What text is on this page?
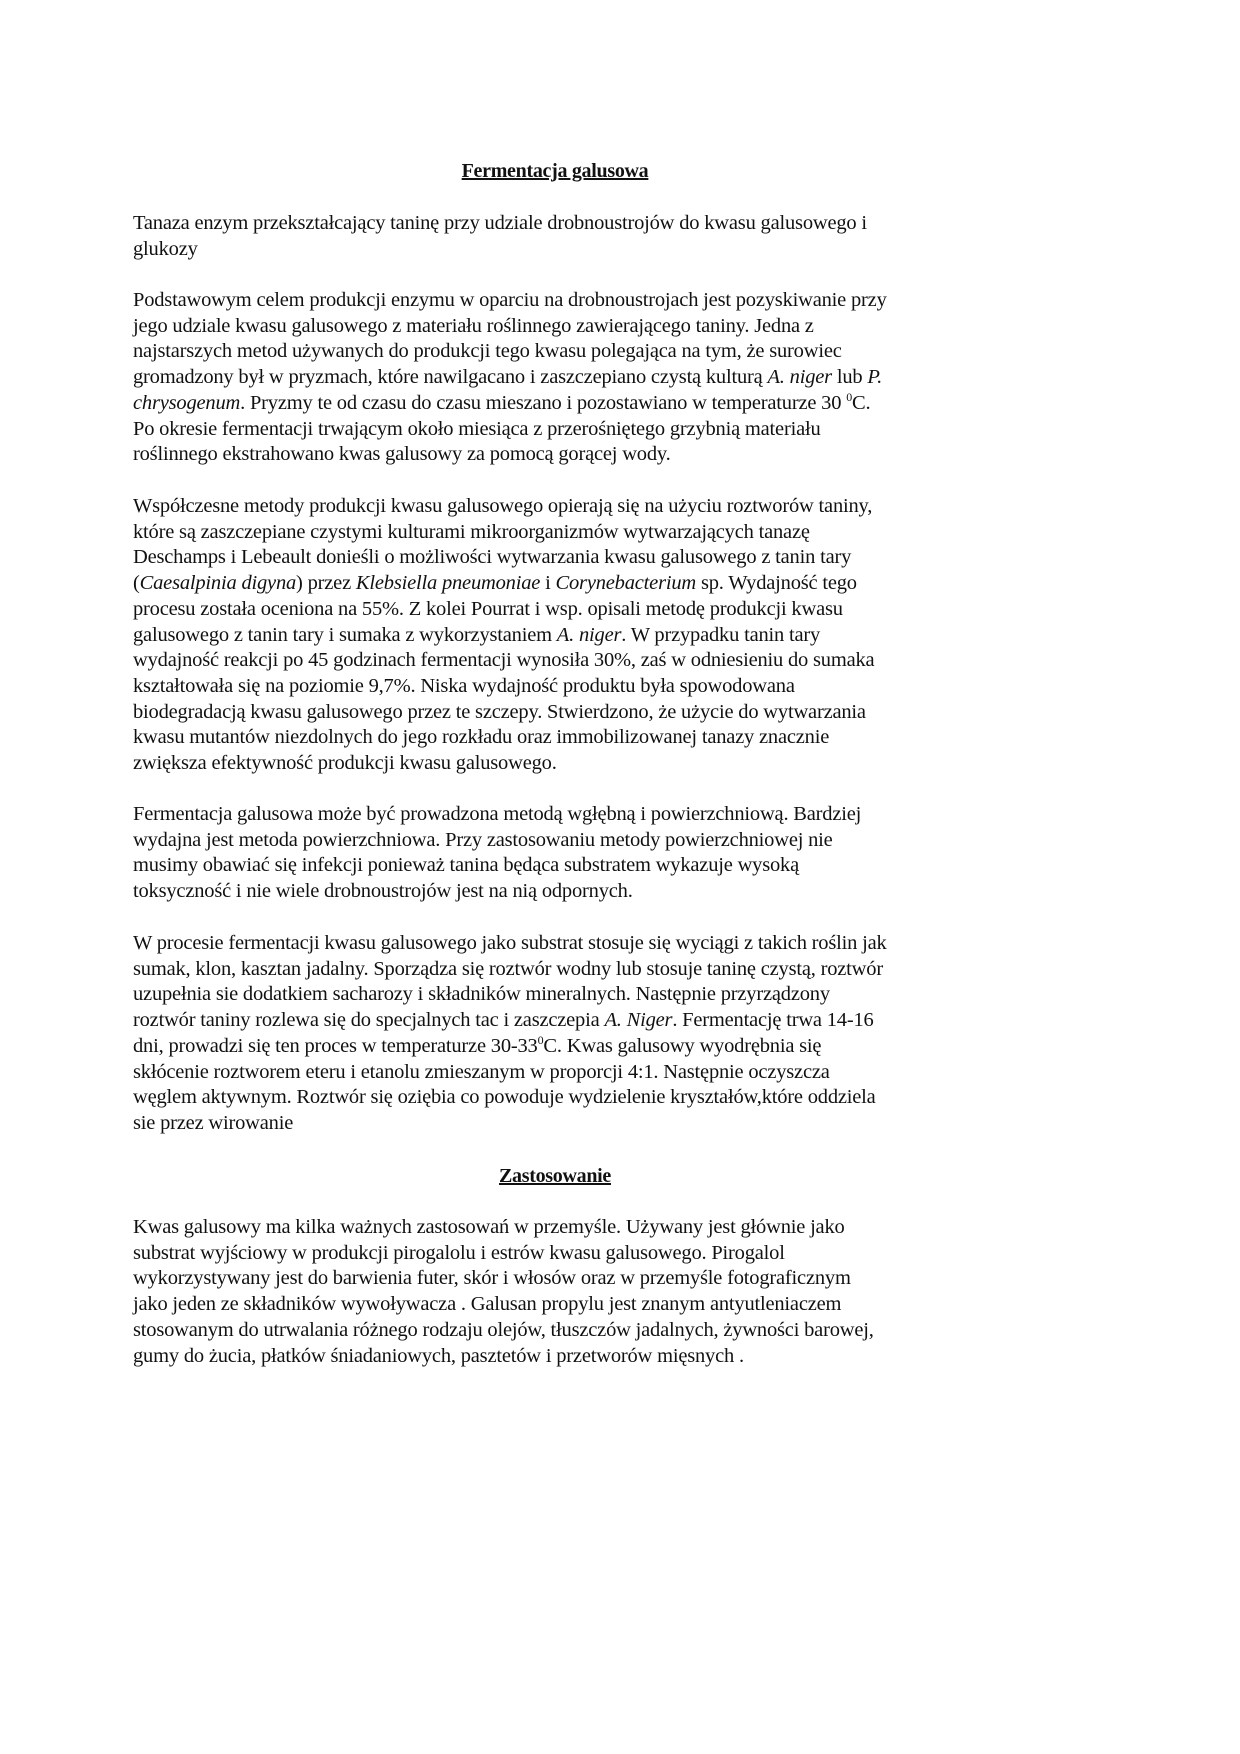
Fermentacja galusowa
Tanaza enzym przekształcający taninę przy udziale drobnoustrojów do kwasu galusowego i
glukozy
Podstawowym celem produkcji enzymu w oparciu na drobnoustrojach jest pozyskiwanie przy
jego udziale kwasu galusowego z materiału roślinnego zawierającego taniny. Jedna z
najstarszych metod używanych do produkcji tego kwasu polegająca na tym, że surowiec
gromadzony był w pryzmach, które nawilgacano i zaszczepiano czystą kulturą A. niger lub P.
chrysogenum. Pryzmy te od czasu do czasu mieszano i pozostawiano w temperaturze 30 $^0$C.
Po okresie fermentacji trwającym około miesiąca z przerośniętego grzybnią materiału
roślinnego ekstrahowano kwas galusowy za pomocą gorącej wody.
Współczesne metody produkcji kwasu galusowego opierają się na użyciu roztworów taniny,
które są zaszczepiane czystymi kulturami mikroorganizmów wytwarzających tanazę
Deschamps i Lebeault donieśli o możliwości wytwarzania kwasu galusowego z tanin tary
(Caesalpinia digyna) przez Klebsiella pneumoniae i Corynebacterium sp. Wydajność tego
procesu została oceniona na 55%. Z kolei Pourrat i wsp. opisali metodę produkcji kwasu
galusowego z tanin tary i sumaka z wykorzystaniem A. niger. W przypadku tanin tary
wydajność reakcji po 45 godzinach fermentacji wynosiła 30%, zaś w odniesieniu do sumaka
kształtowała się na poziomie 9,7%. Niska wydajność produktu była spowodowana
biodegradacją kwasu galusowego przez te szczepy. Stwierdzono, że użycie do wytwarzania
kwasu mutantów niezdolnych do jego rozkładu oraz immobilizowanej tanazy znacznie
zwiększa efektywność produkcji kwasu galusowego.
Fermentacja galusowa może być prowadzona metodą wgłębną i powierzchniową. Bardziej
wydajna jest metoda powierzchniowa. Przy zastosowaniu metody powierzchniowej nie
musimy obawiać się infekcji ponieważ tanina będąca substratem wykazuje wysoką
toksyczność i nie wiele drobnoustrojów jest na nią odpornych.
W procesie fermentacji kwasu galusowego jako substrat stosuje się wyciągi z takich roślin jak
sumak, klon, kasztan jadalny. Sporządza się roztwór wodny lub stosuje taninę czystą, roztwór
uzupełnia sie dodatkiem sacharozy i składników mineralnych. Następnie przyrządzony
roztwór taniny rozlewa się do specjalnych tac i zaszczepia A. Niger. Fermentację trwa 14-16
dni, prowadzi się ten proces w temperaturze $30-33^0C$. Kwas galusowy wyodrębnia się
skłócenie roztworem eteru i etanolu zmieszanym w proporcji 4:1. Następnie oczyszcza
węglem aktywnym. Roztwór się oziębia co powoduje wydzielenie kryształów,które oddziela
sie przez wirowanie
Zastosowanie
Kwas galusowy ma kilka ważnych zastosowań w przemyśle. Używany jest głównie jako
substrat wyjściowy w produkcji pirogalolu i estrów kwasu galusowego. Pirogalol
wykorzystywany jest do barwienia futer, skór i włosów oraz w przemyśle fotograficznym
jako jeden ze składników wywoływacza . Galusan propylu jest znanym antyutleniaczem
stosowanym do utrwalania różnego rodzaju olejów, tłuszczów jadalnych, żywności barowej,
gumy do żucia, płatków śniadaniowych, pasztetów i przetworów mięsnych .
